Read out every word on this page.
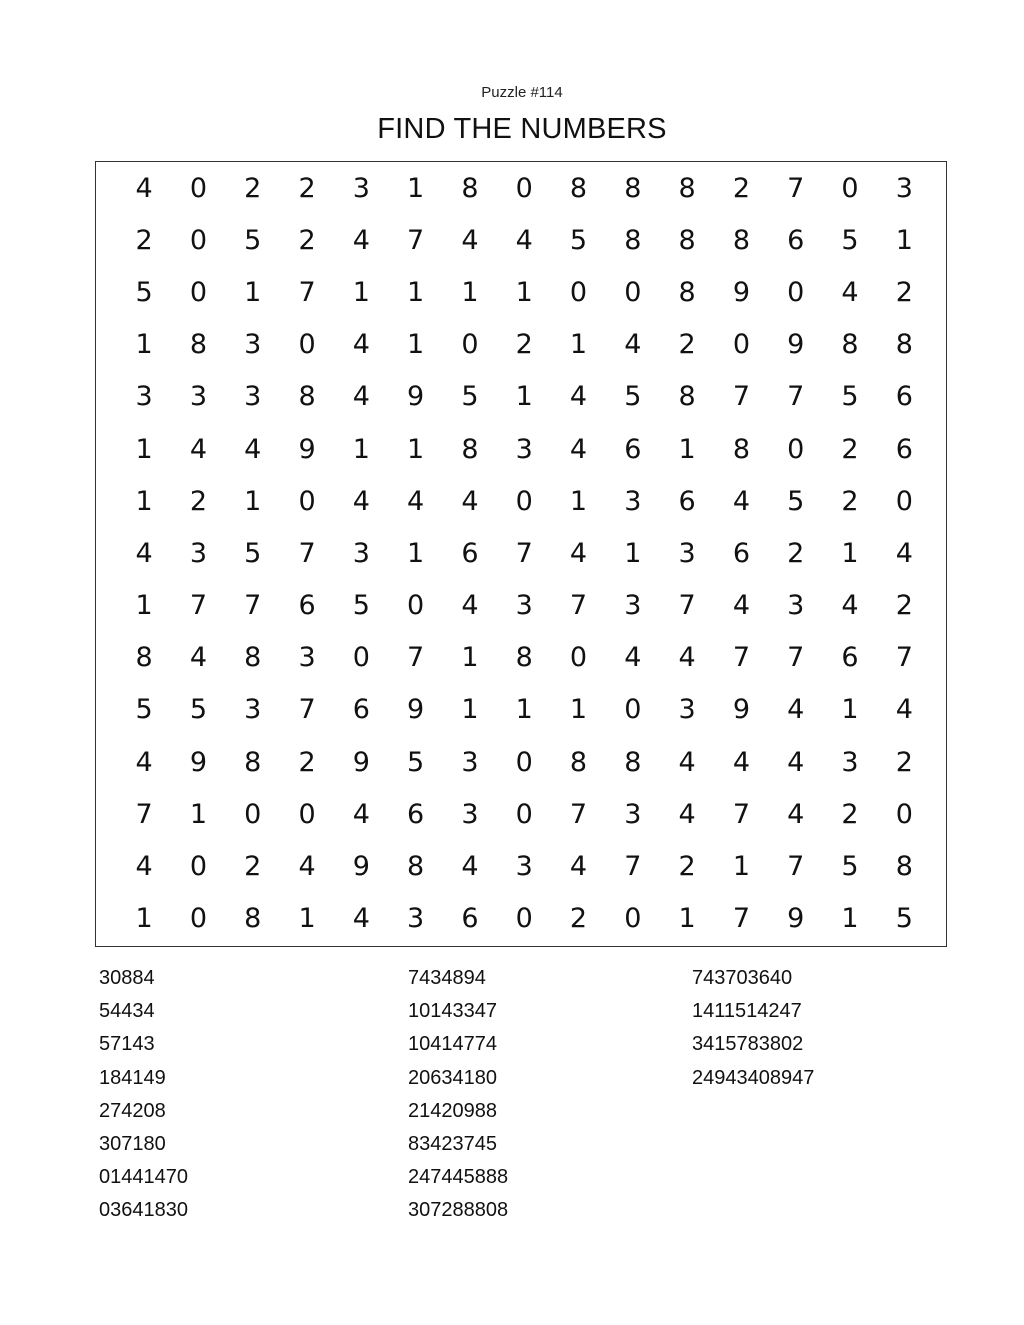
Puzzle #114
FIND THE NUMBERS
4	0	2	2	3	1	8	0	8	8	8	2	7	0	3
2	0	5	2	4	7	4	4	5	8	8	8	6	5	1
5	0	1	7	1	1	1	1	0	0	8	9	0	4	2
1	8	3	0	4	1	0	2	1	4	2	0	9	8	8
3	3	3	8	4	9	5	1	4	5	8	7	7	5	6
1	4	4	9	1	1	8	3	4	6	1	8	0	2	6
1	2	1	0	4	4	4	0	1	3	6	4	5	2	0
4	3	5	7	3	1	6	7	4	1	3	6	2	1	4
1	7	7	6	5	0	4	3	7	3	7	4	3	4	2
8	4	8	3	0	7	1	8	0	4	4	7	7	6	7
5	5	3	7	6	9	1	1	1	0	3	9	4	1	4
4	9	8	2	9	5	3	0	8	8	4	4	4	3	2
7	1	0	0	4	6	3	0	7	3	4	7	4	2	0
4	0	2	4	9	8	4	3	4	7	2	1	7	5	8
1	0	8	1	4	3	6	0	2	0	1	7	9	1	5
30884
54434
57143
184149
274208
307180
01441470
03641830
7434894
10143347
10414774
20634180
21420988
83423745
247445888
307288808
743703640
1411514247
3415783802
24943408947
